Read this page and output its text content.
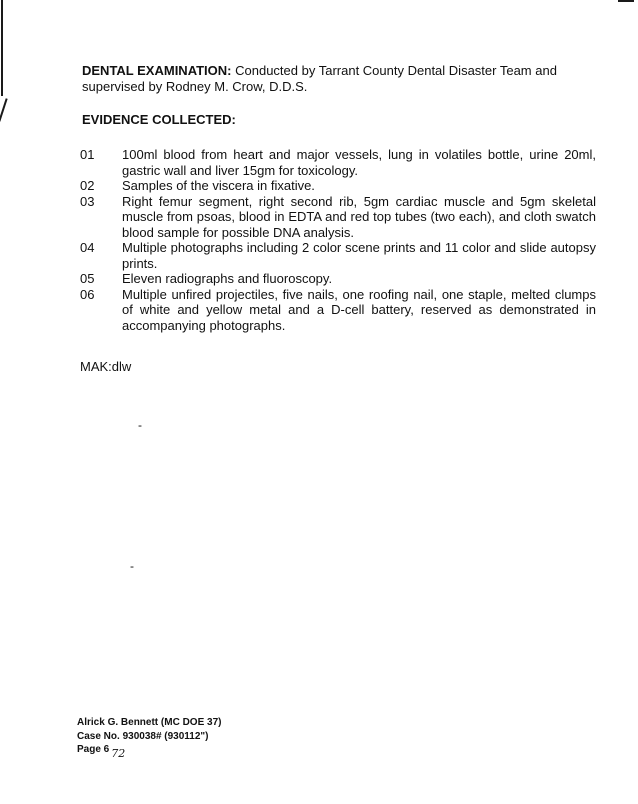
DENTAL EXAMINATION: Conducted by Tarrant County Dental Disaster Team and supervised by Rodney M. Crow, D.D.S.
EVIDENCE COLLECTED:
01	100ml blood from heart and major vessels, lung in volatiles bottle, urine 20ml, gastric wall and liver 15gm for toxicology.
02	Samples of the viscera in fixative.
03	Right femur segment, right second rib, 5gm cardiac muscle and 5gm skeletal muscle from psoas, blood in EDTA and red top tubes (two each), and cloth swatch blood sample for possible DNA analysis.
04	Multiple photographs including 2 color scene prints and 11 color and slide autopsy prints.
05	Eleven radiographs and fluoroscopy.
06	Multiple unfired projectiles, five nails, one roofing nail, one staple, melted clumps of white and yellow metal and a D-cell battery, reserved as demonstrated in accompanying photographs.
MAK:dlw
-
-
Alrick G. Bennett (MC DOE 37)
Case No. 930038# (930112")
Page 6 72
